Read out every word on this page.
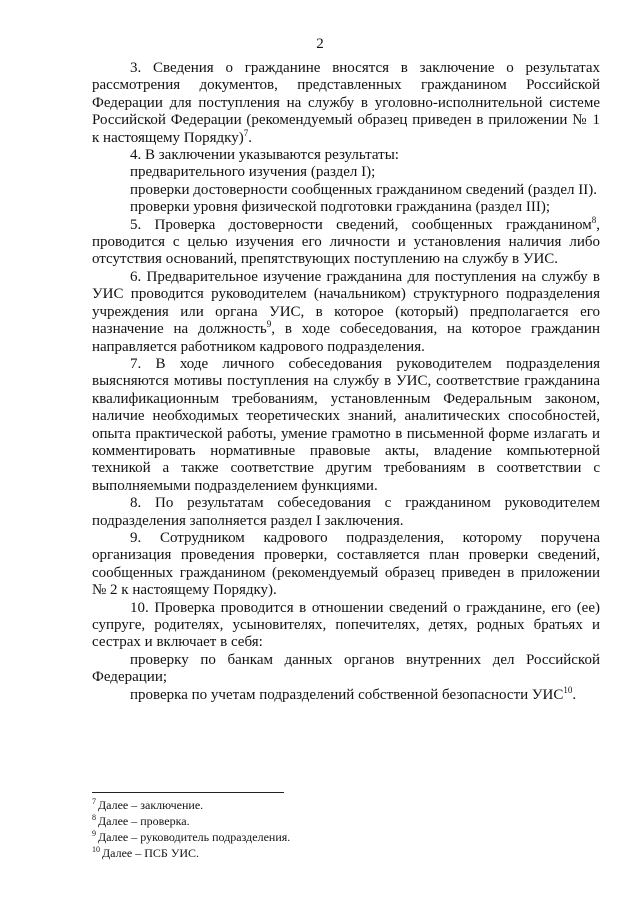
2

3. Сведения о гражданине вносятся в заключение о результатах рассмотрения документов, представленных гражданином Российской Федерации для поступления на службу в уголовно-исполнительной системе Российской Федерации (рекомендуемый образец приведен в приложении № 1 к настоящему Порядку)$^7$.

4. В заключении указываются результаты:

предварительного изучения (раздел I);

проверки достоверности сообщенных гражданином сведений (раздел II).

проверки уровня физической подготовки гражданина (раздел III);

5. Проверка достоверности сведений, сообщенных гражданином$^8$, проводится с целью изучения его личности и установления наличия либо отсутствия оснований, препятствующих поступлению на службу в УИС.

6. Предварительное изучение гражданина для поступления на службу в УИС проводится руководителем (начальником) структурного подразделения учреждения или органа УИС, в которое (который) предполагается его назначение на должность$^9$, в ходе собеседования, на которое гражданин направляется работником кадрового подразделения.

7. В ходе личного собеседования руководителем подразделения выясняются мотивы поступления на службу в УИС, соответствие гражданина квалификационным требованиям, установленным Федеральным законом, наличие необходимых теоретических знаний, аналитических способностей, опыта практической работы, умение грамотно в письменной форме излагать и комментировать нормативные правовые акты, владение компьютерной техникой а также соответствие другим требованиям в соответствии с выполняемыми подразделением функциями.

8. По результатам собеседования с гражданином руководителем подразделения заполняется раздел I заключения.

9. Сотрудником кадрового подразделения, которому поручена организация проведения проверки, составляется план проверки сведений, сообщенных гражданином (рекомендуемый образец приведен в приложении № 2 к настоящему Порядку).

10. Проверка проводится в отношении сведений о гражданине, его (ее) супруге, родителях, усыновителях, попечителях, детях, родных братьях и сестрах и включает в себя:

проверку по банкам данных органов внутренних дел Российской Федерации;

проверка по учетам подразделений собственной безопасности УИС$^{10}$.

$^7$ Далее – заключение.

$^8$ Далее – проверка.

$^9$ Далее – руководитель подразделения.

$^{10}$ Далее – ПСБ УИС.
